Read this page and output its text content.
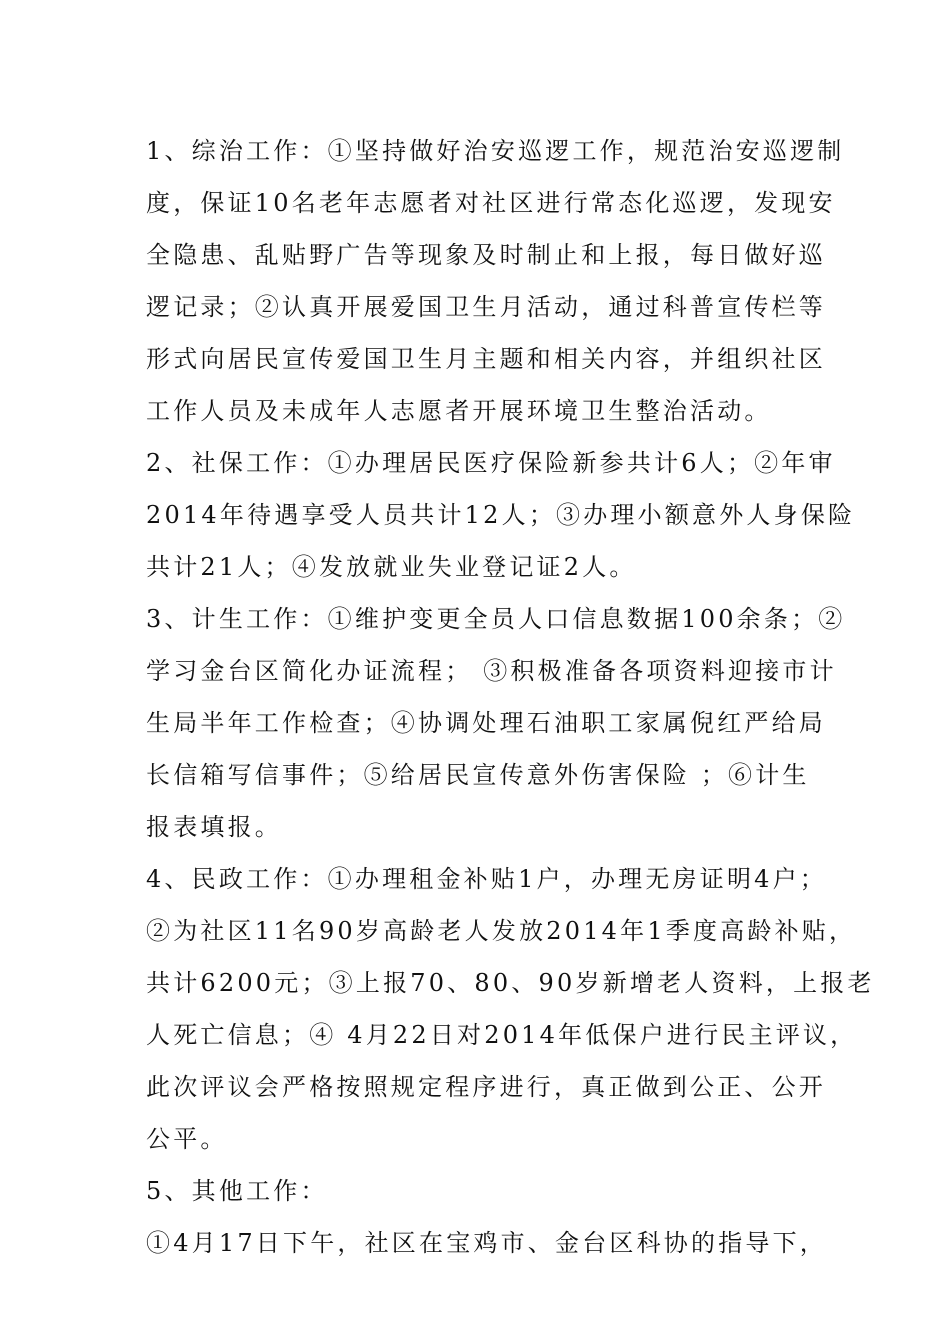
1、综治工作：①坚持做好治安巡逻工作，规范治安巡逻制
度，保证10名老年志愿者对社区进行常态化巡逻，发现安
全隐患、乱贴野广告等现象及时制止和上报，每日做好巡
逻记录；②认真开展爱国卫生月活动，通过科普宣传栏等
形式向居民宣传爱国卫生月主题和相关内容，并组织社区
工作人员及未成年人志愿者开展环境卫生整治活动。
2、社保工作：①办理居民医疗保险新参共计6人；②年审
2014年待遇享受人员共计12人；③办理小额意外人身保险
共计21人；④发放就业失业登记证2人。
3、计生工作：①维护变更全员人口信息数据100余条；②
学习金台区简化办证流程； ③积极准备各项资料迎接市计
生局半年工作检查；④协调处理石油职工家属倪红严给局
长信箱写信事件；⑤给居民宣传意外伤害保险 ；⑥计生
报表填报。
4、民政工作：①办理租金补贴1户，办理无房证明4户；
②为社区11名90岁高龄老人发放2014年1季度高龄补贴，
共计6200元；③上报70、80、90岁新增老人资料，上报老
人死亡信息；④ 4月22日对2014年低保户进行民主评议，
此次评议会严格按照规定程序进行，真正做到公正、公开
公平。
5、其他工作：
①4月17日下午，社区在宝鸡市、金台区科协的指导下，
